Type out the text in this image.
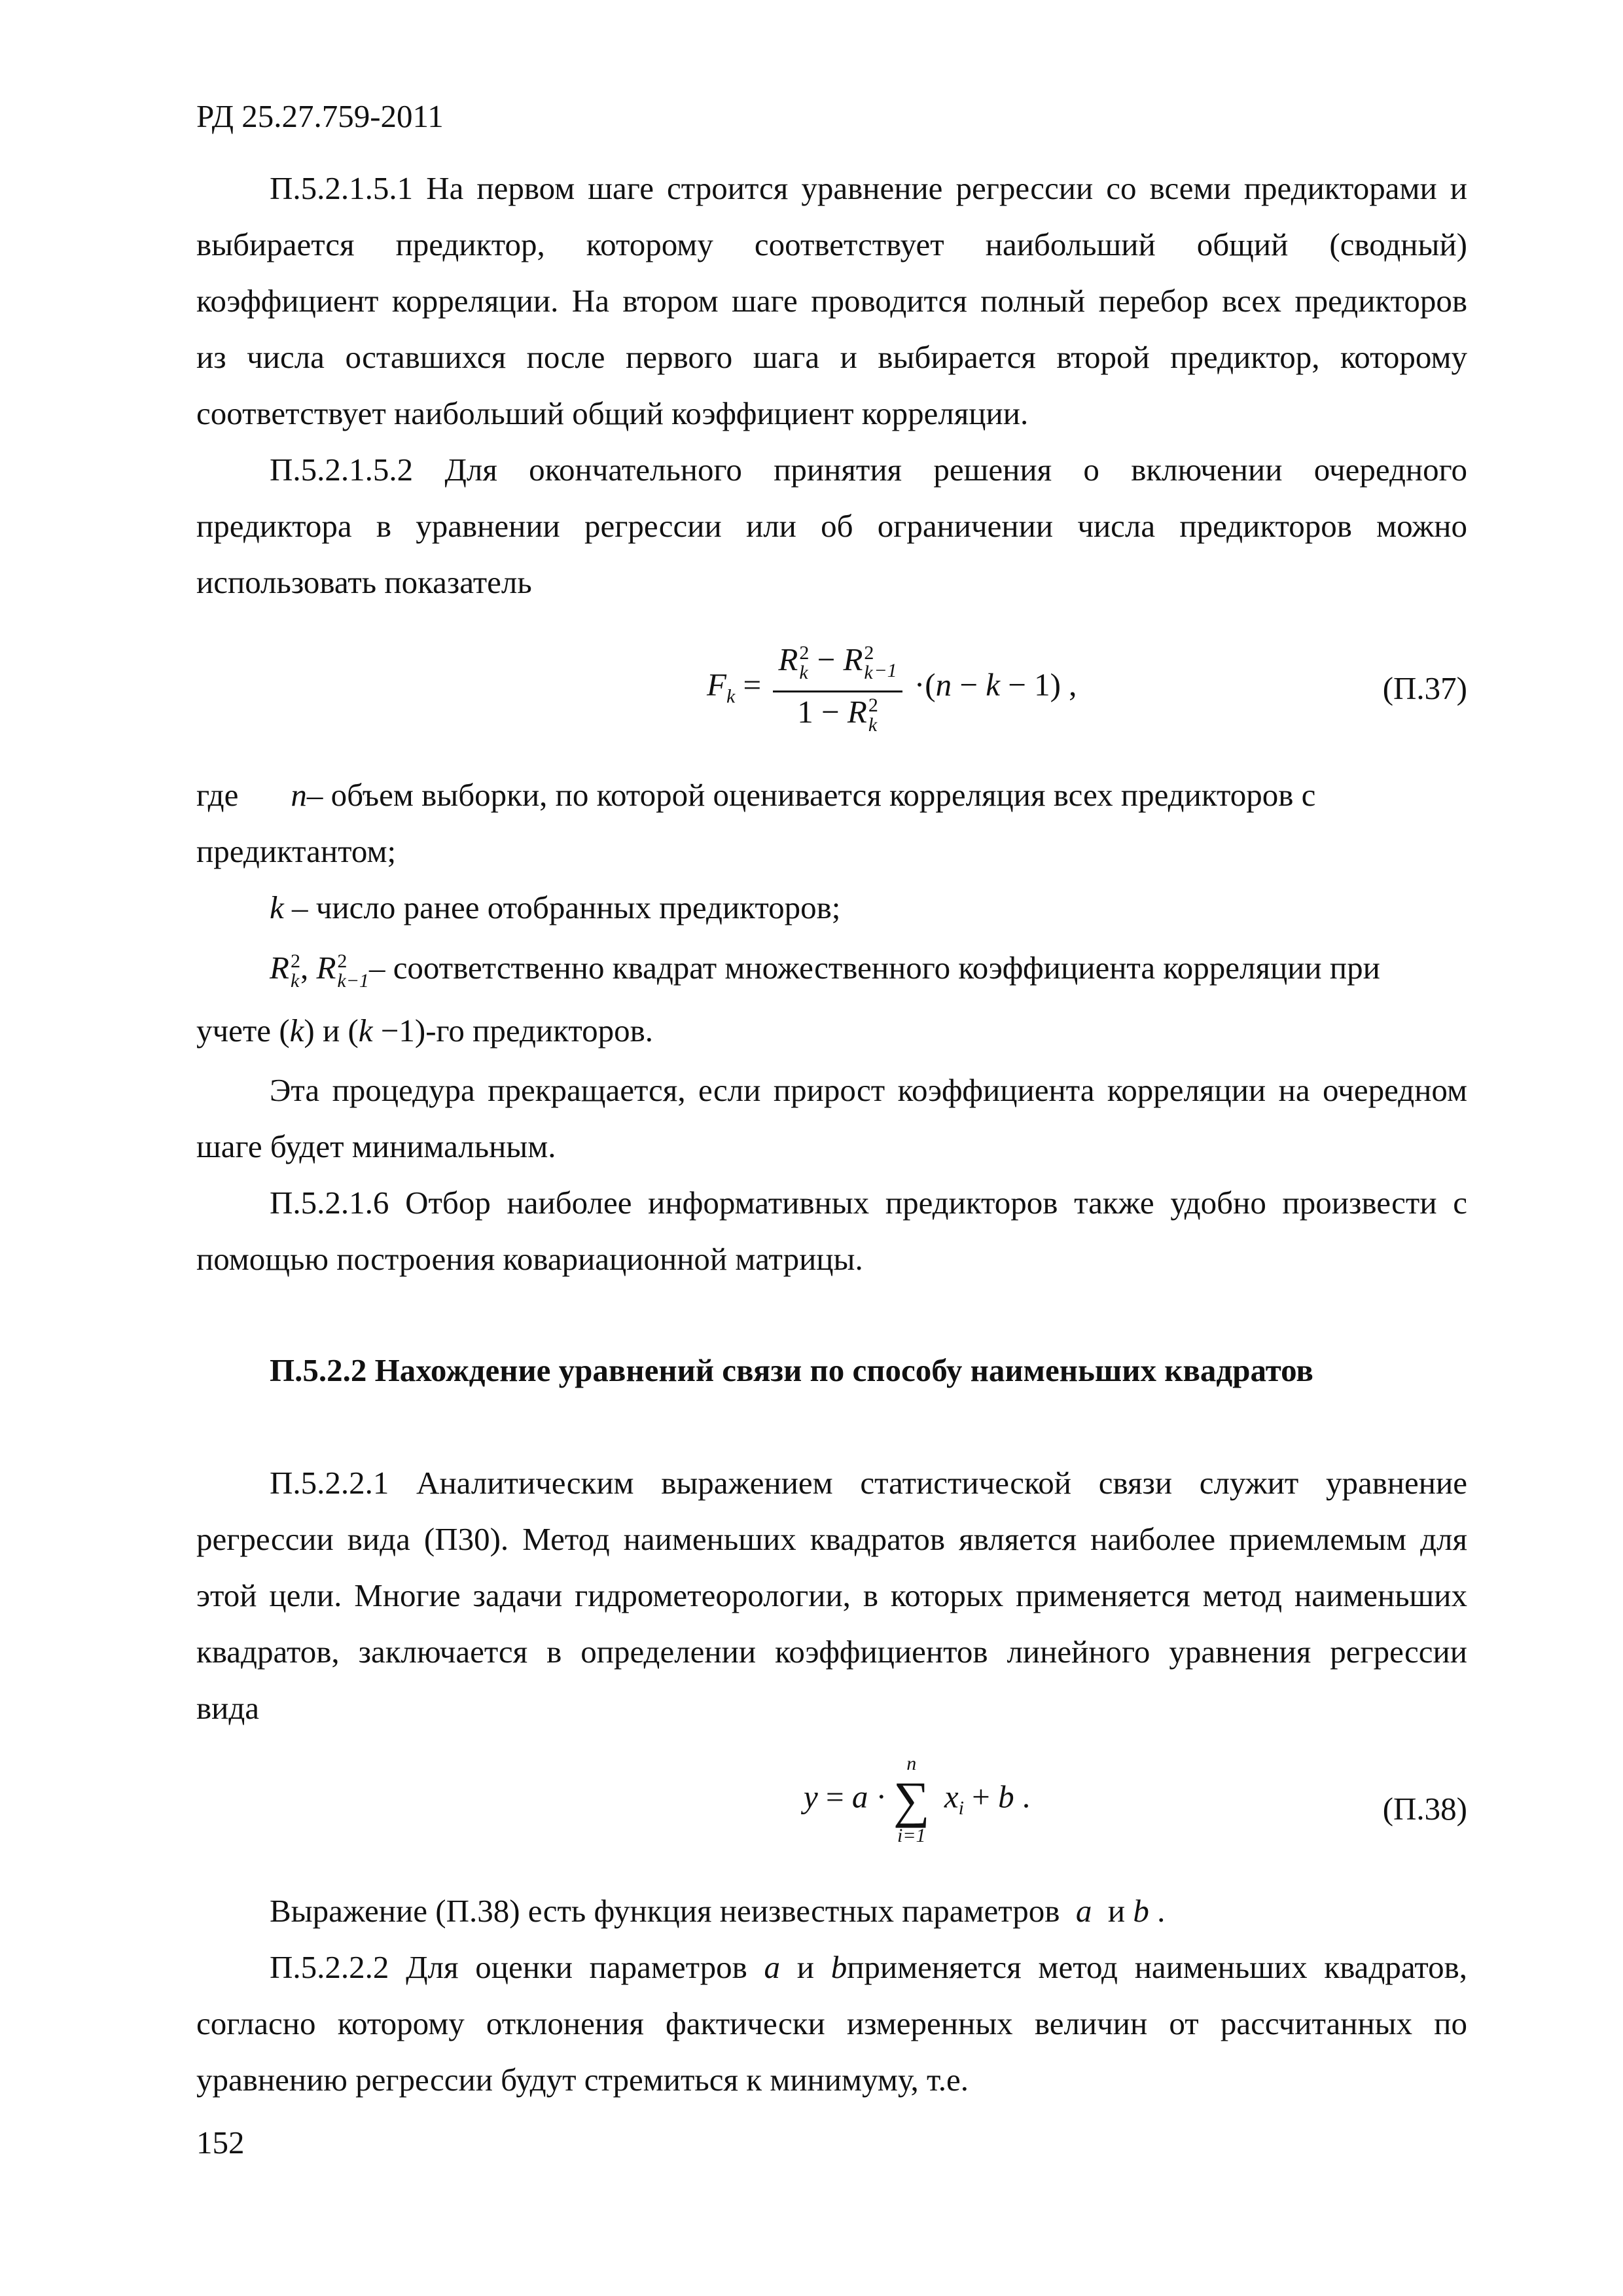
РД 25.27.759-2011
П.5.2.1.5.1 На первом шаге строится уравнение регрессии со всеми предикторами и
выбирается предиктор, которому соответствует наибольший общий (сводный)
коэффициент корреляции. На втором шаге проводится полный перебор всех предикторов
из числа оставшихся после первого шага и выбирается второй предиктор, которому
соответствует наибольший общий коэффициент корреляции.
П.5.2.1.5.2 Для окончательного принятия решения о включении очередного
предиктора в уравнении регрессии или об ограничении числа предикторов можно
использовать показатель
$F_k = R$ 2
k − R 2
k $_{-1}$
1 − R 2
k ·(n − k − 1) ,	(П.37)
где n– объем выборки, по которой оценивается корреляция всех предикторов с
предиктантом;
k – число ранее отобранных предикторов;
R 2
k , R 2
k−1 – соответственно квадрат множественного коэффициента корреляции при
учете (k) и (k −1)-го предикторов.
Эта процедура прекращается, если прирост коэффициента корреляции на очередном
шаге будет минимальным.
П.5.2.1.6 Отбор наиболее информативных предикторов также удобно произвести с
помощью построения ковариационной матрицы.
П.5.2.2 Нахождение уравнений связи по способу наименьших квадратов
П.5.2.2.1 Аналитическим выражением статистической связи служит уравнение
регрессии вида (П30). Метод наименьших квадратов является наиболее приемлемым для
этой цели. Многие задачи гидрометеорологии, в которых применяется метод наименьших
квадратов, заключается в определении коэффициентов линейного уравнения регрессии
вида
y = a ·
n
∑
i=1
$x_i + b$ .	(П.38)
Выражение (П.38) есть функция неизвестных параметров  a  и b .
П.5.2.2.2 Для оценки параметров a и bприменяется метод наименьших квадратов,
согласно которому отклонения фактически измеренных величин от рассчитанных по
уравнению регрессии будут стремиться к минимуму, т.е.
152
